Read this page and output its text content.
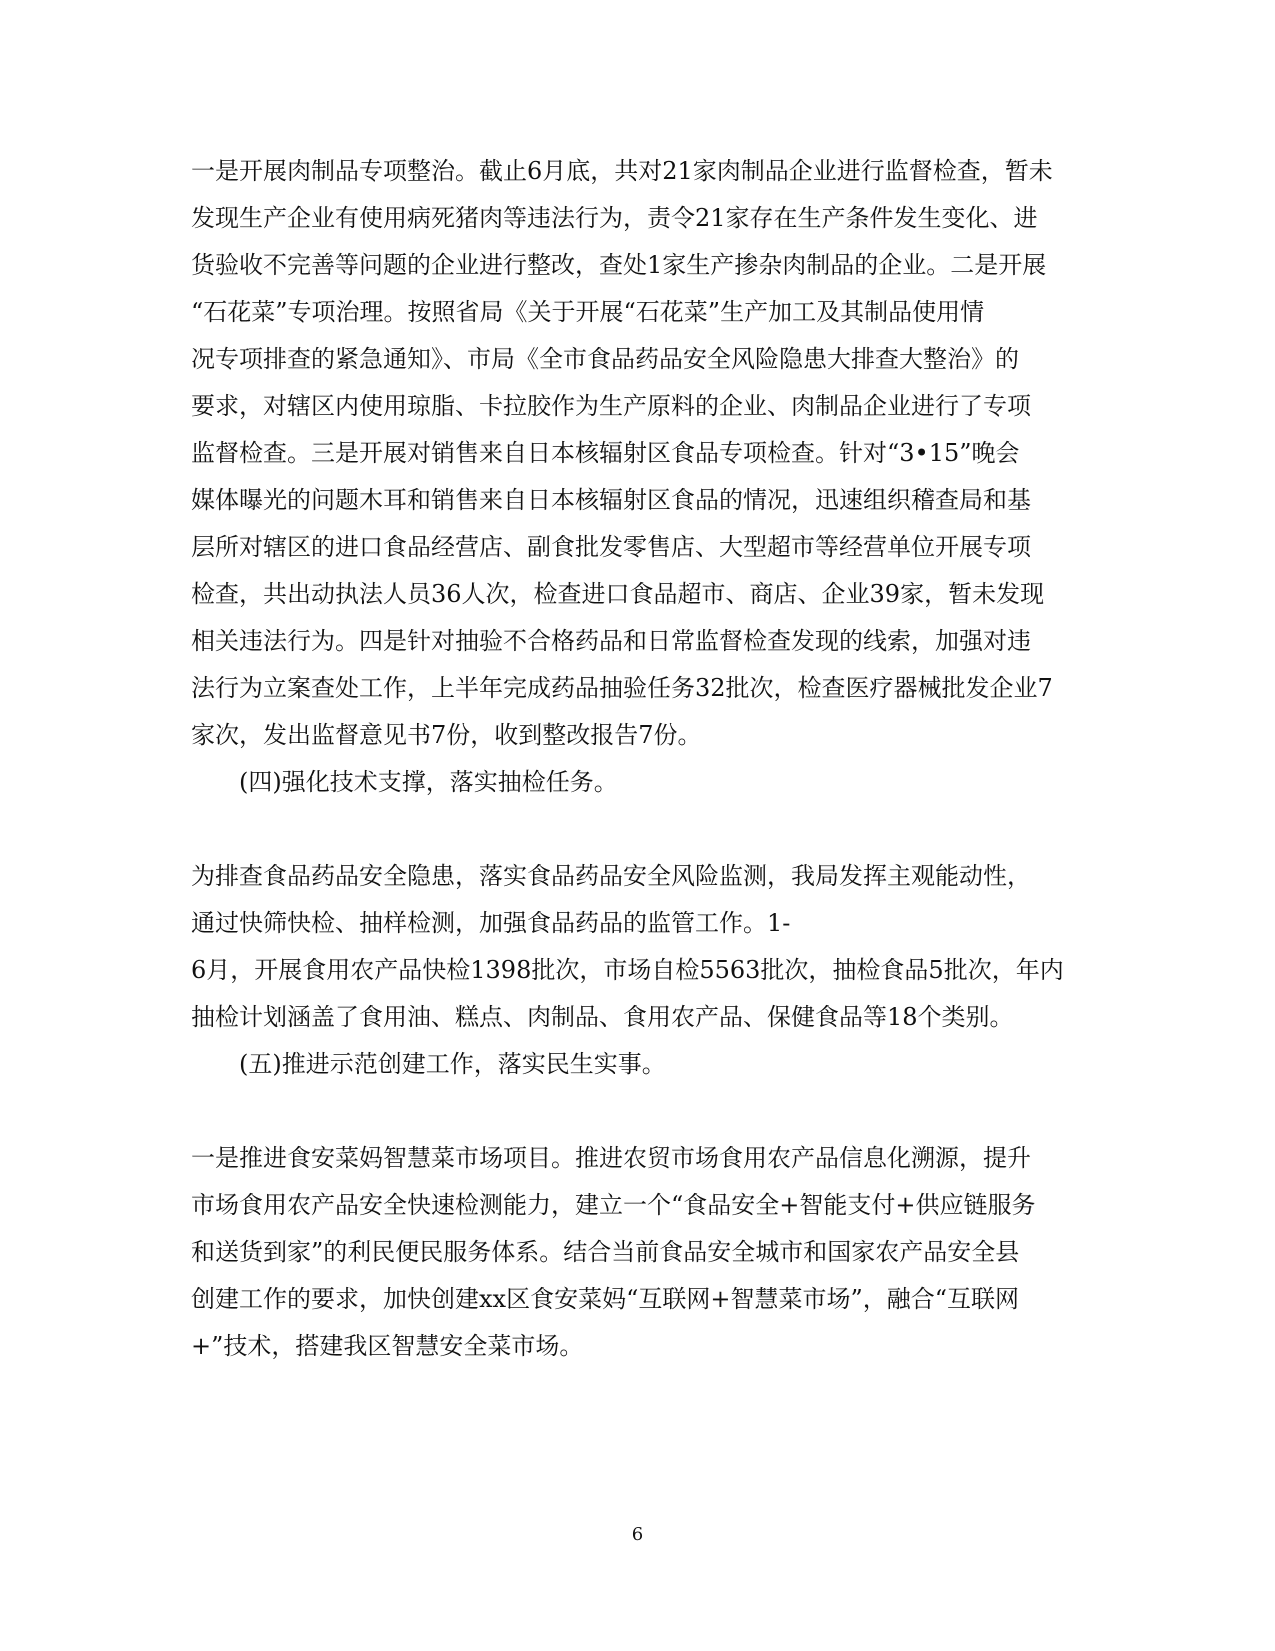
一是开展肉制品专项整治。截止6月底，共对21家肉制品企业进行监督检查，暂未
发现生产企业有使用病死猪肉等违法行为，责令21家存在生产条件发生变化、进
货验收不完善等问题的企业进行整改，查处1家生产掺杂肉制品的企业。二是开展
“石花菜”专项治理。按照省局《关于开展“石花菜”生产加工及其制品使用情
况专项排查的紧急通知》、市局《全市食品药品安全风险隐患大排查大整治》的
要求，对辖区内使用琼脂、卡拉胶作为生产原料的企业、肉制品企业进行了专项
监督检查。三是开展对销售来自日本核辐射区食品专项检查。针对“3•15”晚会
媒体曝光的问题木耳和销售来自日本核辐射区食品的情况，迅速组织稽查局和基
层所对辖区的进口食品经营店、副食批发零售店、大型超市等经营单位开展专项
检查，共出动执法人员36人次，检查进口食品超市、商店、企业39家，暂未发现
相关违法行为。四是针对抽验不合格药品和日常监督检查发现的线索，加强对违
法行为立案查处工作，上半年完成药品抽验任务32批次，检查医疗器械批发企业7
家次，发出监督意见书7份，收到整改报告7份。
(四)强化技术支撑，落实抽检任务。
为排查食品药品安全隐患，落实食品药品安全风险监测，我局发挥主观能动性，
通过快筛快检、抽样检测，加强食品药品的监管工作。1-
6月，开展食用农产品快检1398批次，市场自检5563批次，抽检食品5批次，年内
抽检计划涵盖了食用油、糕点、肉制品、食用农产品、保健食品等18个类别。
(五)推进示范创建工作，落实民生实事。
一是推进食安菜妈智慧菜市场项目。推进农贸市场食用农产品信息化溯源，提升
市场食用农产品安全快速检测能力，建立一个“食品安全+智能支付+供应链服务
和送货到家”的利民便民服务体系。结合当前食品安全城市和国家农产品安全县
创建工作的要求，加快创建xx区食安菜妈“互联网+智慧菜市场”，融合“互联网
+”技术，搭建我区智慧安全菜市场。
6
